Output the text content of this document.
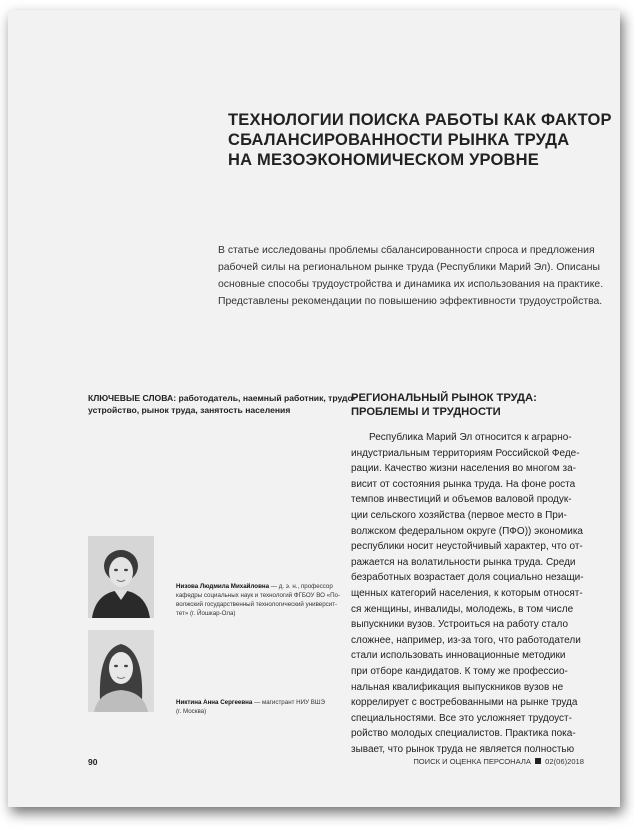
ТЕХНОЛОГИИ ПОИСКА РАБОТЫ КАК ФАКТОР
СБАЛАНСИРОВАННОСТИ РЫНКА ТРУДА
НА МЕЗОЭКОНОМИЧЕСКОМ УРОВНЕ
В статье исследованы проблемы сбалансированности спроса и предложения
рабочей силы на региональном рынке труда (Республики Марий Эл). Описаны
основные способы трудоустройства и динамика их использования на практике.
Представлены рекомендации по повышению эффективности трудоустройства.
КЛЮЧЕВЫЕ СЛОВА: работодатель, наемный работник, трудо-
устройство, рынок труда, занятость населения
Низова Людмила Михайловна — д. э. н., профессор
кафедры социальных наук и технологий ФГБОУ ВО «По-
волжский государственный технологический университ-
тет» (г. Йошкар-Ола)
Никтина Анна Сергеевна — магистрант НИУ ВШЭ
(г. Москва)
РЕГИОНАЛЬНЫЙ РЫНОК ТРУДА:
ПРОБЛЕМЫ И ТРУДНОСТИ
Республика Марий Эл относится к аграрно-
индустриальным территориям Российской Феде-
рации. Качество жизни населения во многом за-
висит от состояния рынка труда. На фоне роста
темпов инвестиций и объемов валовой продук-
ции сельского хозяйства (первое место в При-
волжском федеральном округе (ПФО)) экономика
республики носит неустойчивый характер, что от-
ражается на волатильности рынка труда. Среди
безработных возрастает доля социально незащи-
щенных категорий населения, к которым относят-
ся женщины, инвалиды, молодежь, в том числе
выпускники вузов. Устроиться на работу стало
сложнее, например, из-за того, что работодатели
стали использовать инновационные методики
при отборе кандидатов. К тому же профессио-
нальная квалификация выпускников вузов не
коррелирует с востребованными на рынке труда
специальностями. Все это усложняет трудоуст-
ройство молодых специалистов. Практика пока-
зывает, что рынок труда не является полностью
90	ПОИСК И ОЦЕНКА ПЕРСОНАЛА 02(06)2018
